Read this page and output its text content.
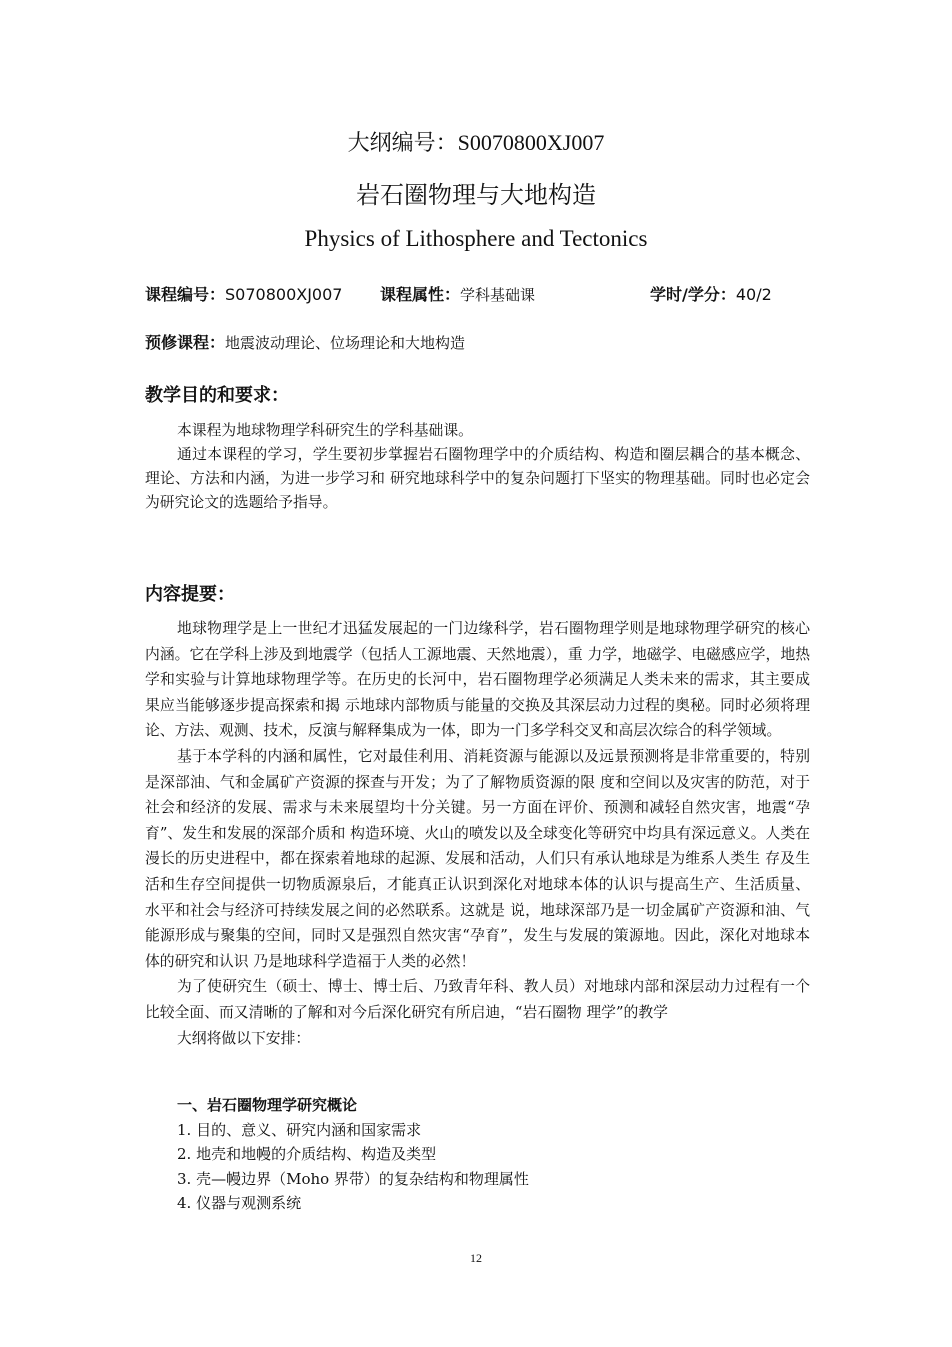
大纲编号：S0070800XJ007
岩石圈物理与大地构造
Physics of Lithosphere and Tectonics
课程编号：S070800XJ007 课程属性：学科基础课	学时/学分：40/2
预修课程：地震波动理论、位场理论和大地构造
教学目的和要求：

本课程为地球物理学科研究生的学科基础课。

通过本课程的学习，学生要初步掌握岩石圈物理学中的介质结构、构造和圈层耦合的基本概念、理论、方法和内涵，为进一步学习和 研究地球科学中的复杂问题打下坚实的物理基础。同时也必定会为研究论文的选题给予指导。

内容提要：

地球物理学是上一世纪才迅猛发展起的一门边缘科学，岩石圈物理学则是地球物理学研究的核心内涵。它在学科上涉及到地震学（包括人工源地震、天然地震），重 力学，地磁学、电磁感应学，地热学和实验与计算地球物理学等。在历史的长河中，岩石圈物理学必须满足人类未来的需求，其主要成果应当能够逐步提高探索和揭 示地球内部物质与能量的交换及其深层动力过程的奥秘。同时必须将理论、方法、观测、技术，反演与解释集成为一体，即为一门多学科交叉和高层次综合的科学领域。

基于本学科的内涵和属性，它对最佳利用、消耗资源与能源以及远景预测将是非常重要的，特别是深部油、气和金属矿产资源的探查与开发；为了了解物质资源的限 度和空间以及灾害的防范，对于社会和经济的发展、需求与未来展望均十分关键。另一方面在评价、预测和减轻自然灾害，地震“孕育”、发生和发展的深部介质和 构造环境、火山的喷发以及全球变化等研究中均具有深远意义。人类在漫长的历史进程中，都在探索着地球的起源、发展和活动，人们只有承认地球是为维系人类生 存及生活和生存空间提供一切物质源泉后，才能真正认识到深化对地球本体的认识与提高生产、生活质量、水平和社会与经济可持续发展之间的必然联系。这就是 说，地球深部乃是一切金属矿产资源和油、气能源形成与聚集的空间，同时又是强烈自然灾害“孕育”，发生与发展的策源地。因此，深化对地球本体的研究和认识 乃是地球科学造福于人类的必然！

为了使研究生（硕士、博士、博士后、乃致青年科、教人员）对地球内部和深层动力过程有一个比较全面、而又清晰的了解和对今后深化研究有所启迪，“岩石圈物 理学”的教学

大纲将做以下安排：

一、岩石圈物理学研究概论
1. 目的、意义、研究内涵和国家需求
2. 地壳和地幔的介质结构、构造及类型
3. 壳—幔边界（Moho 界带）的复杂结构和物理属性
4. 仪器与观测系统
12
